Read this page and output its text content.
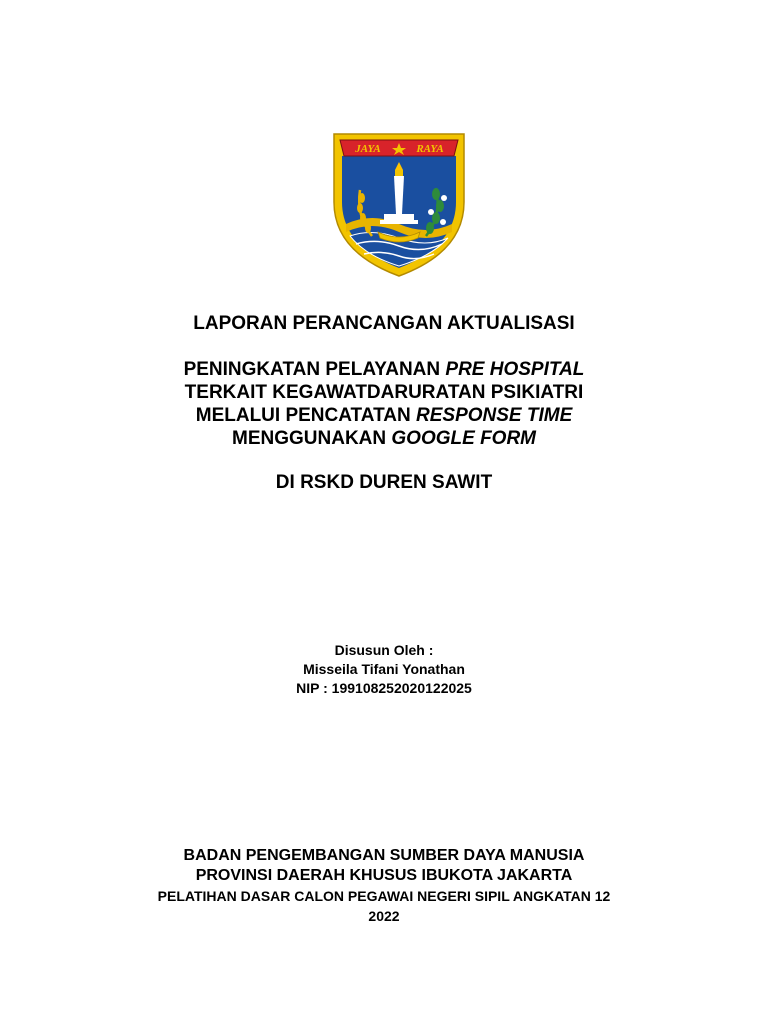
JAYA	RAYA
LAPORAN PERANCANGAN AKTUALISASI
PENINGKATAN PELAYANAN PRE HOSPITAL
TERKAIT KEGAWATDARURATAN PSIKIATRI
MELALUI PENCATATAN RESPONSE TIME
MENGGUNAKAN GOOGLE FORM
DI RSKD DUREN SAWIT
Disusun Oleh :
Misseila Tifani Yonathan
NIP : 199108252020122025
BADAN PENGEMBANGAN SUMBER DAYA MANUSIA
PROVINSI DAERAH KHUSUS IBUKOTA JAKARTA
PELATIHAN DASAR CALON PEGAWAI NEGERI SIPIL ANGKATAN 12
2022
